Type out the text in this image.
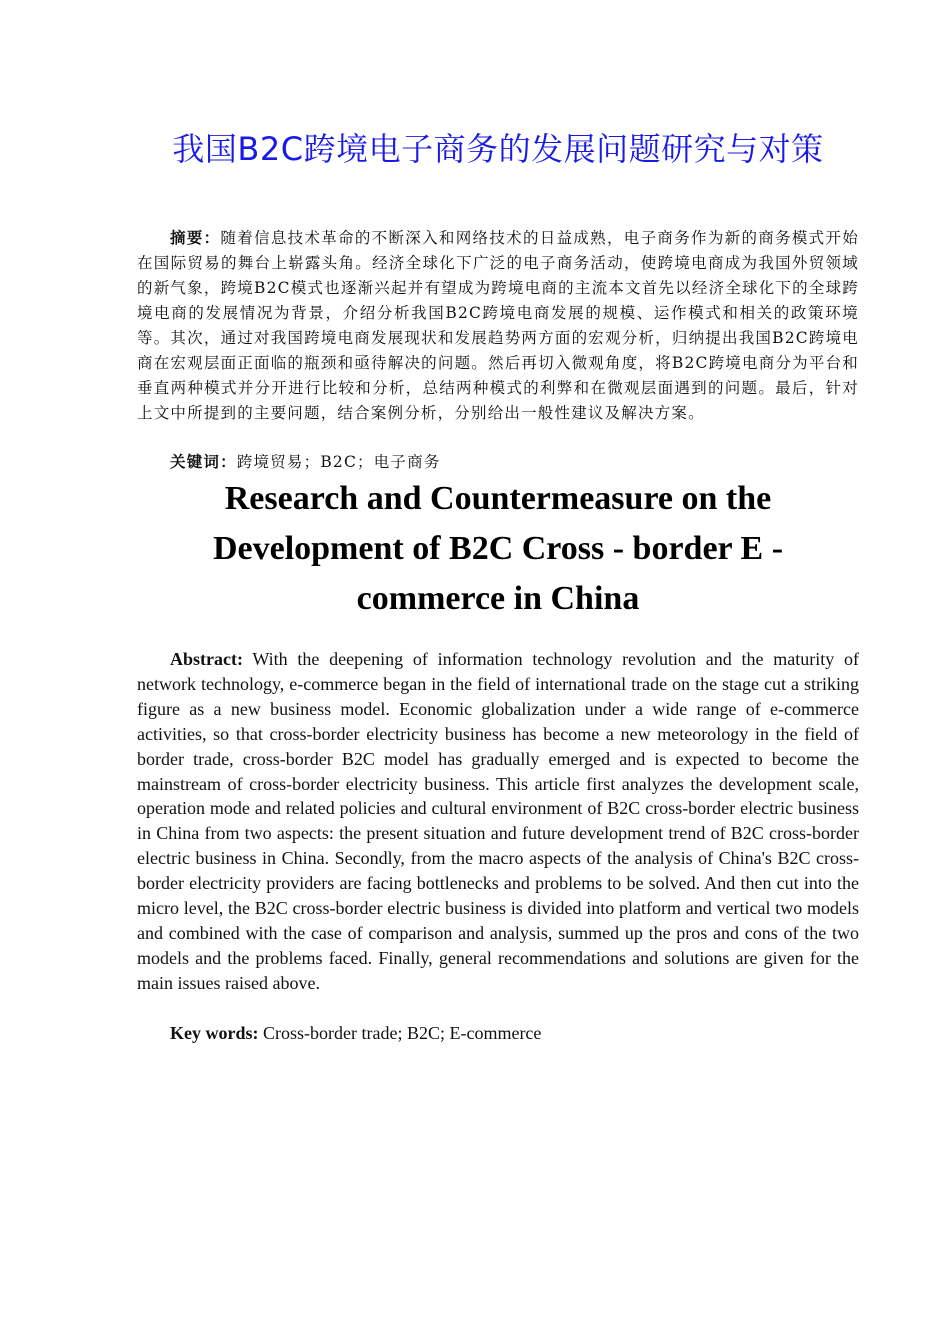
我国B2C跨境电子商务的发展问题研究与对策

摘要：随着信息技术革命的不断深入和网络技术的日益成熟，电子商务作为新的商务模式开始在国际贸易的舞台上崭露头角。经济全球化下广泛的电子商务活动，使跨境电商成为我国外贸领域的新气象，跨境B2C模式也逐渐兴起并有望成为跨境电商的主流本文首先以经济全球化下的全球跨境电商的发展情况为背景，介绍分析我国B2C跨境电商发展的规模、运作模式和相关的政策环境等。其次，通过对我国跨境电商发展现状和发展趋势两方面的宏观分析，归纳提出我国B2C跨境电商在宏观层面正面临的瓶颈和亟待解决的问题。然后再切入微观角度，将B2C跨境电商分为平台和垂直两种模式并分开进行比较和分析，总结两种模式的利弊和在微观层面遇到的问题。最后，针对上文中所提到的主要问题，结合案例分析，分别给出一般性建议及解决方案。

关键词：跨境贸易；B2C；电子商务

Research and Countermeasure on the Development of B2C Cross - border E - commerce in China

Abstract: With the deepening of information technology revolution and the maturity of network technology, e-commerce began in the field of international trade on the stage cut a striking figure as a new business model. Economic globalization under a wide range of e-commerce activities, so that cross-border electricity business has become a new meteorology in the field of border trade, cross-border B2C model has gradually emerged and is expected to become the mainstream of cross-border electricity business. This article first analyzes the development scale, operation mode and related policies and cultural environment of B2C cross-border electric business in China from two aspects: the present situation and future development trend of B2C cross-border electric business in China. Secondly, from the macro aspects of the analysis of China's B2C cross-border electricity providers are facing bottlenecks and problems to be solved. And then cut into the micro level, the B2C cross-border electric business is divided into platform and vertical two models and combined with the case of comparison and analysis, summed up the pros and cons of the two models and the problems faced. Finally, general recommendations and solutions are given for the main issues raised above.

Key words: Cross-border trade; B2C; E-commerce
